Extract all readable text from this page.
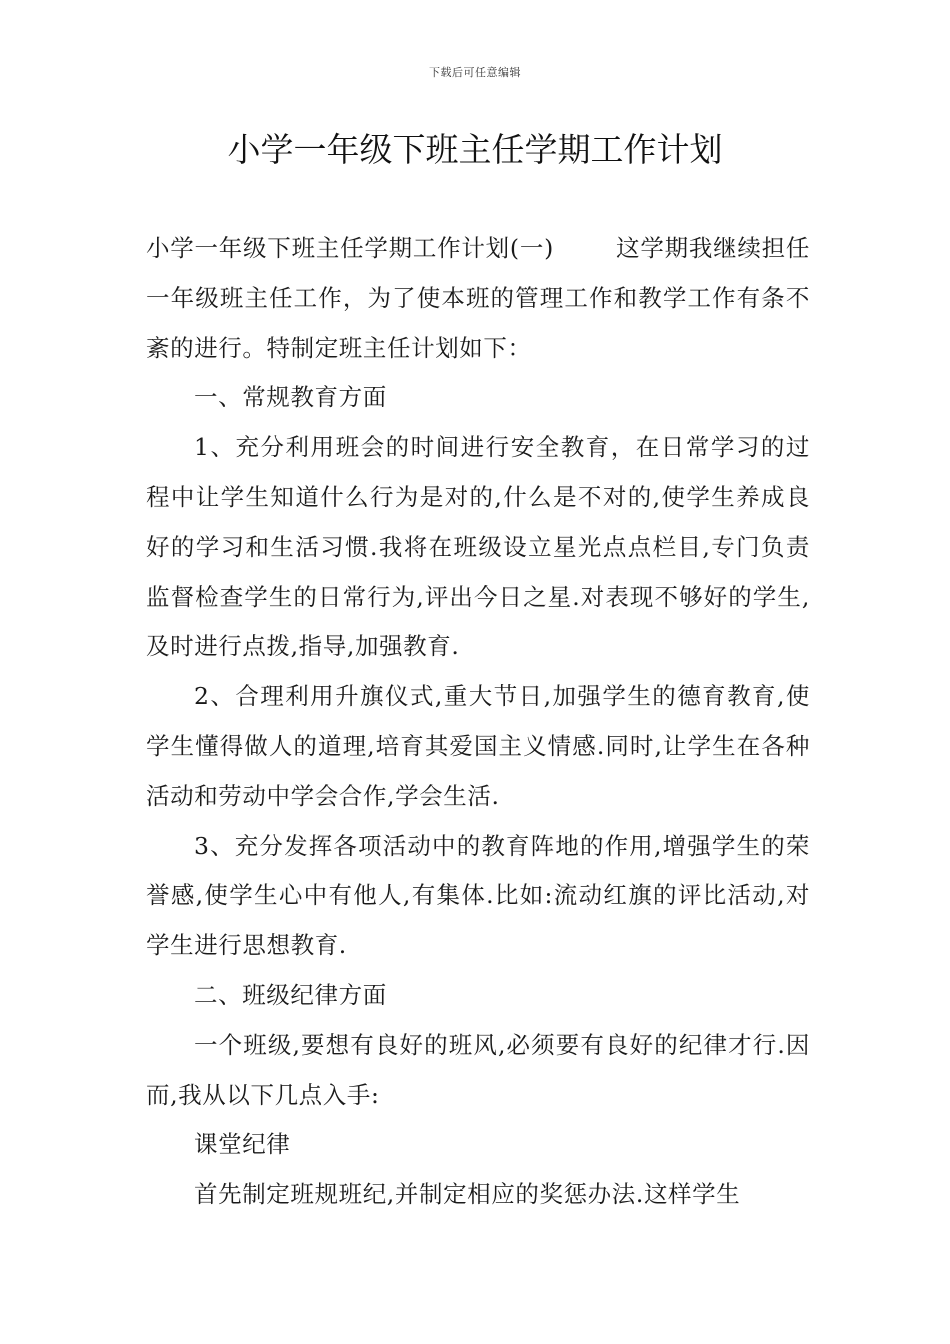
下载后可任意编辑
小学一年级下班主任学期工作计划

小学一年级下班主任学期工作计划(一)	这学期我继续担任一年级班主任工作，为了使本班的管理工作和教学工作有条不紊的进行。特制定班主任计划如下：

一、常规教育方面

1、充分利用班会的时间进行安全教育，在日常学习的过程中让学生知道什么行为是对的,什么是不对的,使学生养成良好的学习和生活习惯.我将在班级设立星光点点栏目,专门负责监督检查学生的日常行为,评出今日之星.对表现不够好的学生,及时进行点拨,指导,加强教育.

2、合理利用升旗仪式,重大节日,加强学生的德育教育,使学生懂得做人的道理,培育其爱国主义情感.同时,让学生在各种活动和劳动中学会合作,学会生活.

3、充分发挥各项活动中的教育阵地的作用,增强学生的荣誉感,使学生心中有他人,有集体.比如:流动红旗的评比活动,对学生进行思想教育.

二、班级纪律方面

一个班级,要想有良好的班风,必须要有良好的纪律才行.因而,我从以下几点入手:

课堂纪律

首先制定班规班纪,并制定相应的奖惩办法.这样学生
